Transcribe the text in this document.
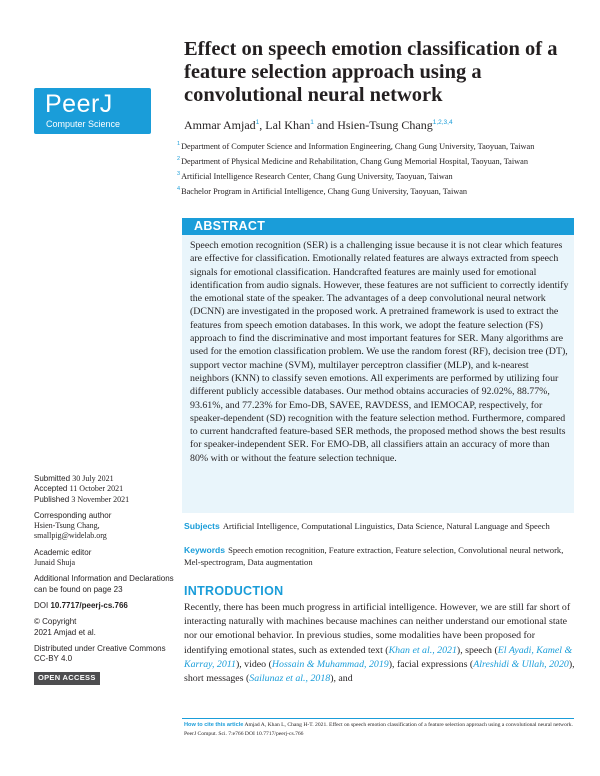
PeerJ
Computer Science
Effect on speech emotion classification of a feature selection approach using a convolutional neural network
Ammar Amjad$^1$, Lal Khan$^1$ and Hsien-Tsung Chang$^{1,2,3,4}$
$^1$Department of Computer Science and Information Engineering, Chang Gung University, Taoyuan, Taiwan
$^2$Department of Physical Medicine and Rehabilitation, Chang Gung Memorial Hospital, Taoyuan, Taiwan
$^3$Artificial Intelligence Research Center, Chang Gung University, Taoyuan, Taiwan
$^4$Bachelor Program in Artificial Intelligence, Chang Gung University, Taoyuan, Taiwan
ABSTRACT
Speech emotion recognition (SER) is a challenging issue because it is not clear which features are effective for classification. Emotionally related features are always extracted from speech signals for emotional classification. Handcrafted features are mainly used for emotional identification from audio signals. However, these features are not sufficient to correctly identify the emotional state of the speaker. The advantages of a deep convolutional neural network (DCNN) are investigated in the proposed work. A pretrained framework is used to extract the features from speech emotion databases. In this work, we adopt the feature selection (FS) approach to find the discriminative and most important features for SER. Many algorithms are used for the emotion classification problem. We use the random forest (RF), decision tree (DT), support vector machine (SVM), multilayer perceptron classifier (MLP), and k-nearest neighbors (KNN) to classify seven emotions. All experiments are performed by utilizing four different publicly accessible databases. Our method obtains accuracies of 92.02%, 88.77%, 93.61%, and 77.23% for Emo-DB, SAVEE, RAVDESS, and IEMOCAP, respectively, for speaker-dependent (SD) recognition with the feature selection method. Furthermore, compared to current handcrafted feature-based SER methods, the proposed method shows the best results for speaker-independent SER. For EMO-DB, all classifiers attain an accuracy of more than 80% with or without the feature selection technique.
Subjects Artificial Intelligence, Computational Linguistics, Data Science, Natural Language and Speech
Keywords Speech emotion recognition, Feature extraction, Feature selection, Convolutional neural network, Mel-spectrogram, Data augmentation
INTRODUCTION
Recently, there has been much progress in artificial intelligence. However, we are still far short of interacting naturally with machines because machines can neither understand our emotional state nor our emotional behavior. In previous studies, some modalities have been proposed for identifying emotional states, such as extended text (Khan et al., 2021), speech (El Ayadi, Kamel & Karray, 2011), video (Hossain & Muhammad, 2019), facial expressions (Alreshidi & Ullah, 2020), short messages (Sailunaz et al., 2018), and
Submitted 30 July 2021
Accepted 11 October 2021
Published 3 November 2021
Corresponding author
Hsien-Tsung Chang,
smallpig@widelab.org
Academic editor
Junaid Shuja
Additional Information and Declarations can be found on page 23
DOI 10.7717/peerj-cs.766
© Copyright
2021 Amjad et al.
Distributed under Creative Commons CC-BY 4.0
OPEN ACCESS
How to cite this article Amjad A, Khan L, Chang H-T. 2021. Effect on speech emotion classification of a feature selection approach using a convolutional neural network. PeerJ Comput. Sci. 7:e766 DOI 10.7717/peerj-cs.766
